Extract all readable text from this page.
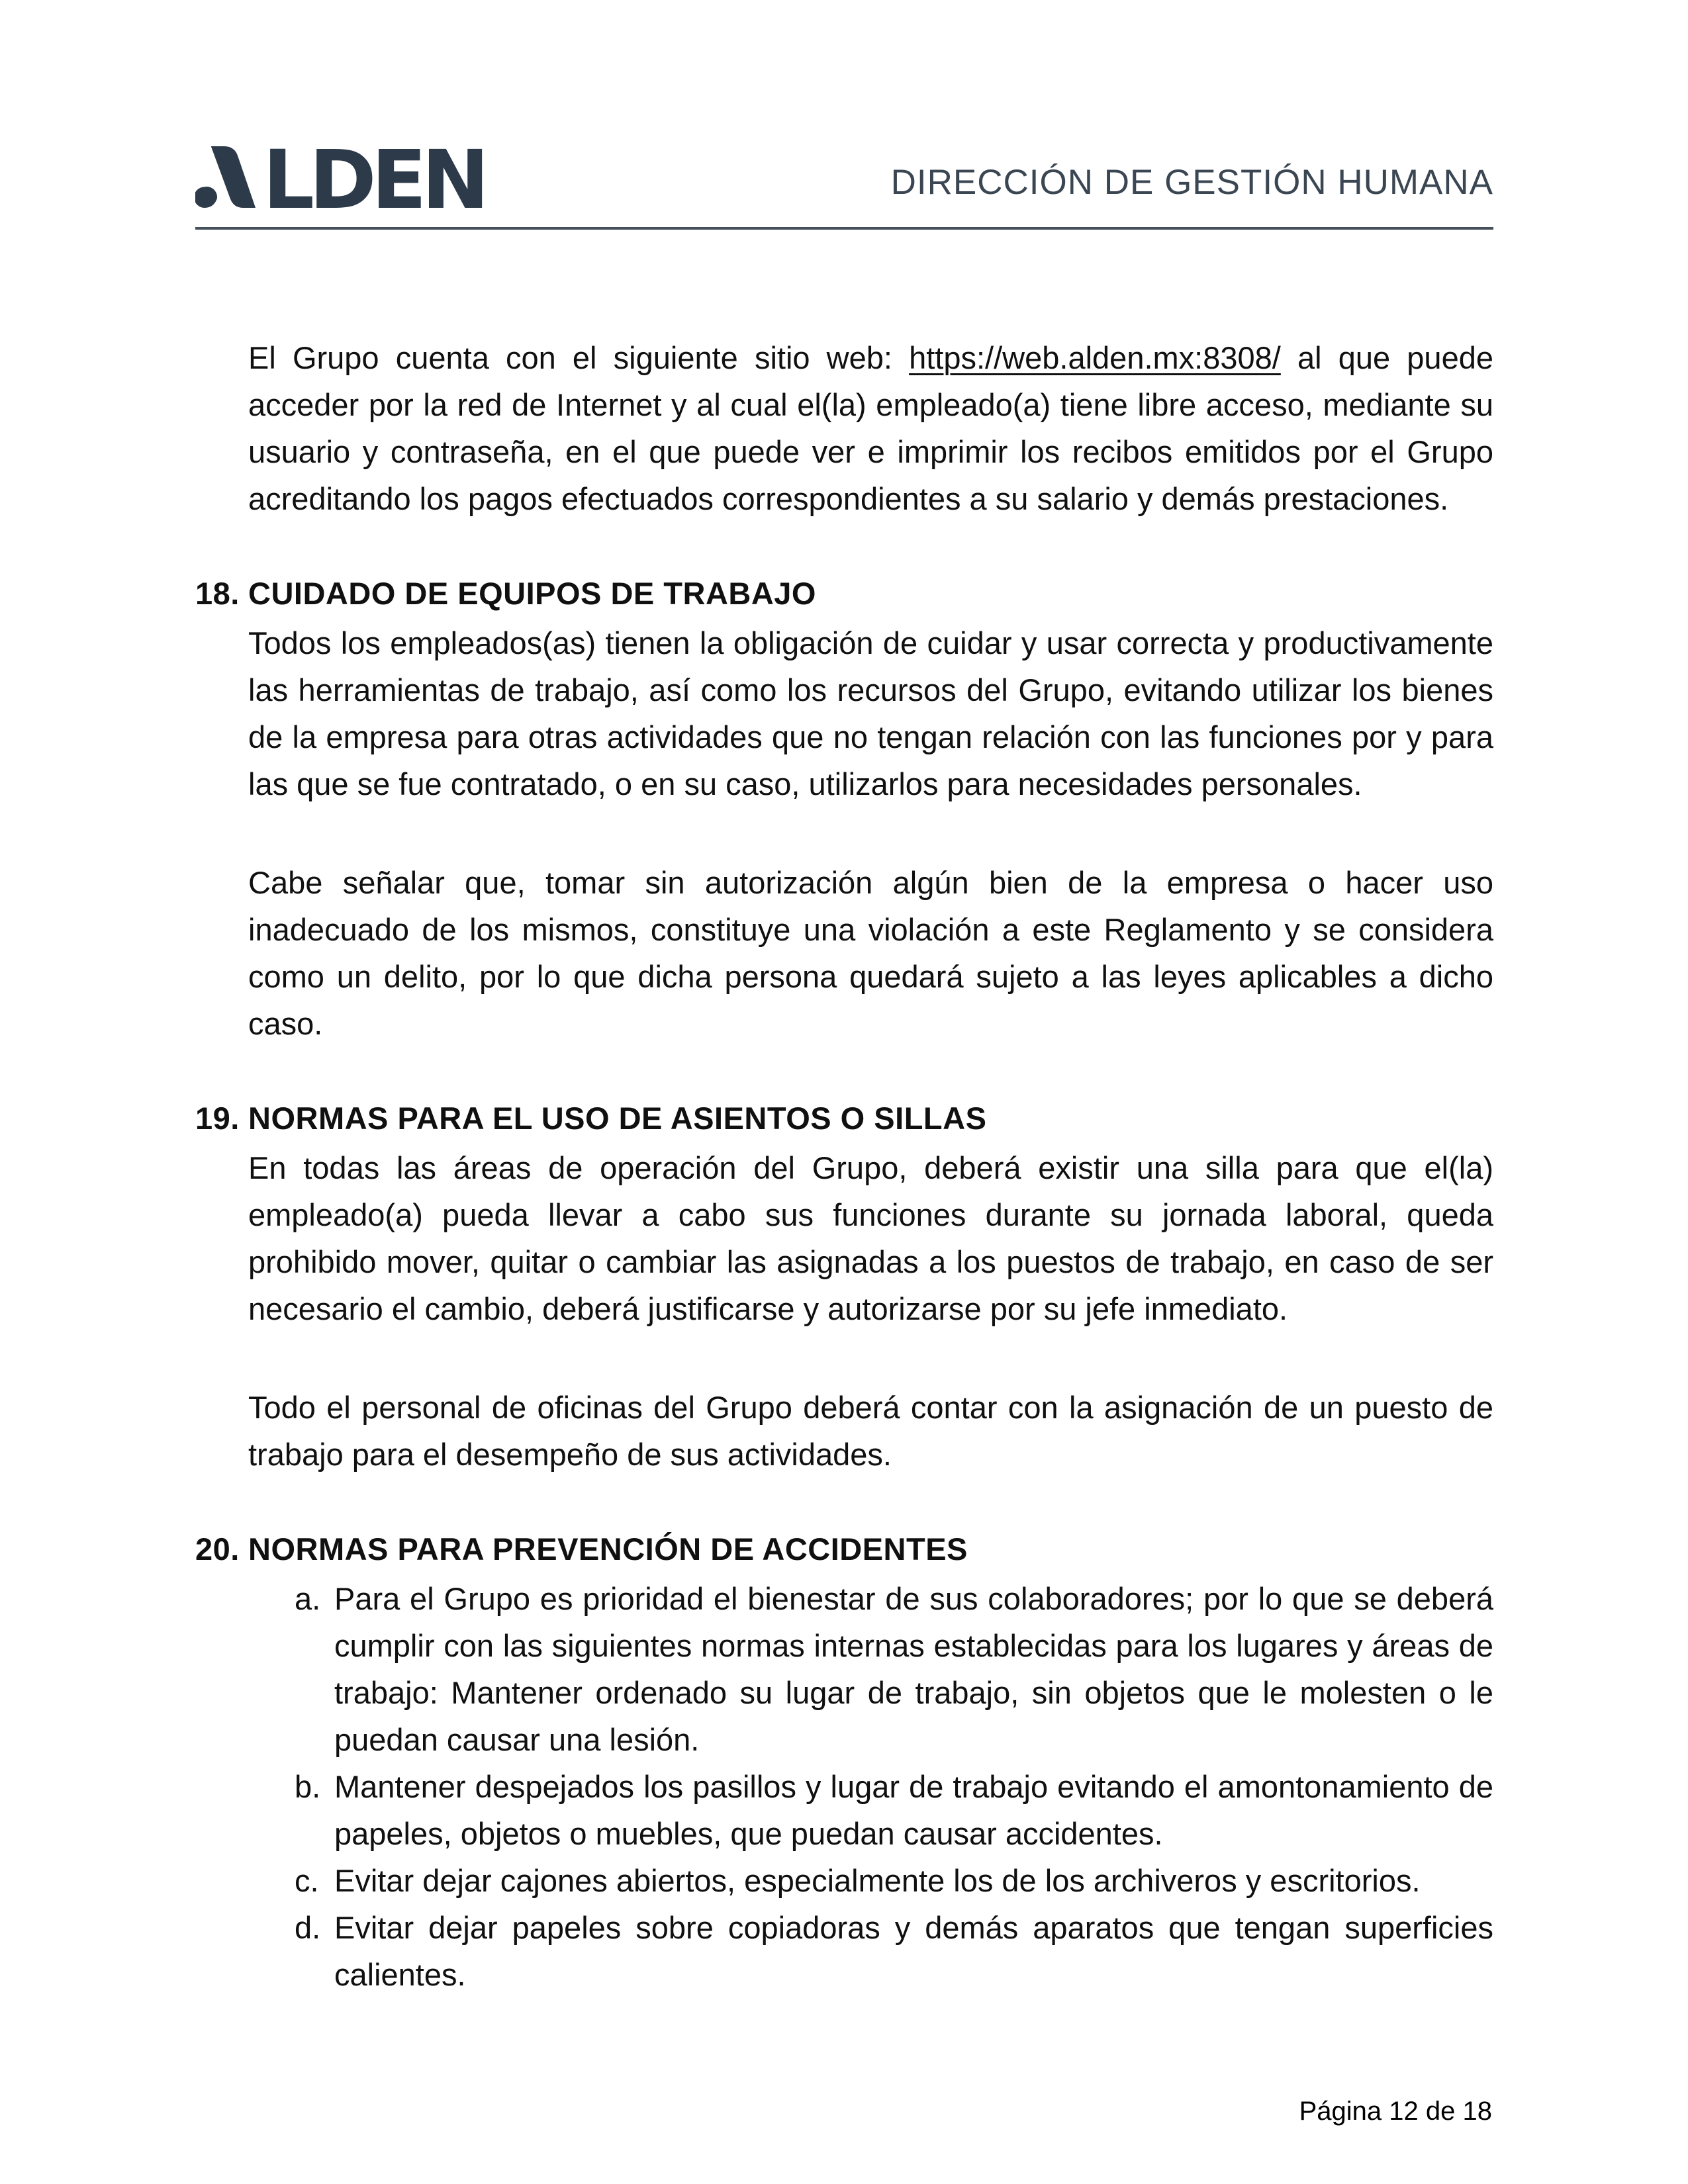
LDEN	DIRECCIÓN DE GESTIÓN HUMANA

El Grupo cuenta con el siguiente sitio web: https://web.alden.mx:8308/ al que puede acceder por la red de Internet y al cual el(la) empleado(a) tiene libre acceso, mediante su usuario y contraseña, en el que puede ver e imprimir los recibos emitidos por el Grupo acreditando los pagos efectuados correspondientes a su salario y demás prestaciones.

18. CUIDADO DE EQUIPOS DE TRABAJO

Todos los empleados(as) tienen la obligación de cuidar y usar correcta y productivamente las herramientas de trabajo, así como los recursos del Grupo, evitando utilizar los bienes de la empresa para otras actividades que no tengan relación con las funciones por y para las que se fue contratado, o en su caso, utilizarlos para necesidades personales.

Cabe señalar que, tomar sin autorización algún bien de la empresa o hacer uso inadecuado de los mismos, constituye una violación a este Reglamento y se considera como un delito, por lo que dicha persona quedará sujeto a las leyes aplicables a dicho caso.

19. NORMAS PARA EL USO DE ASIENTOS O SILLAS

En todas las áreas de operación del Grupo, deberá existir una silla para que el(la) empleado(a) pueda llevar a cabo sus funciones durante su jornada laboral, queda prohibido mover, quitar o cambiar las asignadas a los puestos de trabajo, en caso de ser necesario el cambio, deberá justificarse y autorizarse por su jefe inmediato.

Todo el personal de oficinas del Grupo deberá contar con la asignación de un puesto de trabajo para el desempeño de sus actividades.

20. NORMAS PARA PREVENCIÓN DE ACCIDENTES
a. Para el Grupo es prioridad el bienestar de sus colaboradores; por lo que se deberá cumplir con las siguientes normas internas establecidas para los lugares y áreas de trabajo: Mantener ordenado su lugar de trabajo, sin objetos que le molesten o le puedan causar una lesión.
b. Mantener despejados los pasillos y lugar de trabajo evitando el amontonamiento de papeles, objetos o muebles, que puedan causar accidentes.
c. Evitar dejar cajones abiertos, especialmente los de los archiveros y escritorios.
d. Evitar dejar papeles sobre copiadoras y demás aparatos que tengan superficies calientes.
Página 12 de 18
